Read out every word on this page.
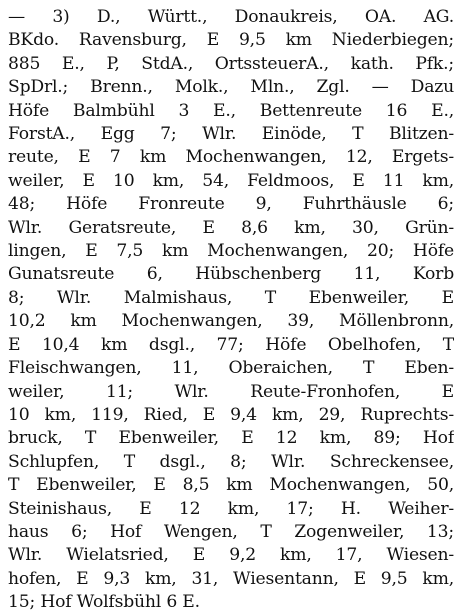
— 3) D., Württ., Donaukreis, OA. AG.
BKdo. Ravensburg, E 9,5 km Niederbiegen;
885 E., P, StdA., OrtssteuerA., kath. Pfk.;
SpDrl.; Brenn., Molk., Mln., Zgl. — Dazu
Höfe Balmbühl 3 E., Bettenreute 16 E.,
ForstA., Egg 7; Wlr. Einöde, T Blitzen-
reute, E 7 km Mochenwangen, 12, Ergets-
weiler, E 10 km, 54, Feldmoos, E 11 km,
48; Höfe Fronreute 9, Fuhrthäusle 6;
Wlr. Geratsreute, E 8,6 km, 30, Grün-
lingen, E 7,5 km Mochenwangen, 20; Höfe
Gunatsreute 6, Hübschenberg 11, Korb
8; Wlr. Malmishaus, T Ebenweiler, E
10,2 km Mochenwangen, 39, Möllenbronn,
E 10,4 km dsgl., 77; Höfe Obelhofen, T
Fleischwangen, 11, Oberaichen, T Eben-
weiler, 11; Wlr. Reute-Fronhofen, E
10 km, 119, Ried, E 9,4 km, 29, Ruprechts-
bruck, T Ebenweiler, E 12 km, 89; Hof
Schlupfen, T dsgl., 8; Wlr. Schreckensee,
T Ebenweiler, E 8,5 km Mochenwangen, 50,
Steinishaus, E 12 km, 17; H. Weiher-
haus 6; Hof Wengen, T Zogenweiler, 13;
Wlr. Wielatsried, E 9,2 km, 17, Wiesen-
hofen, E 9,3 km, 31, Wiesentann, E 9,5 km,
15; Hof Wolfsbühl 6 E.
